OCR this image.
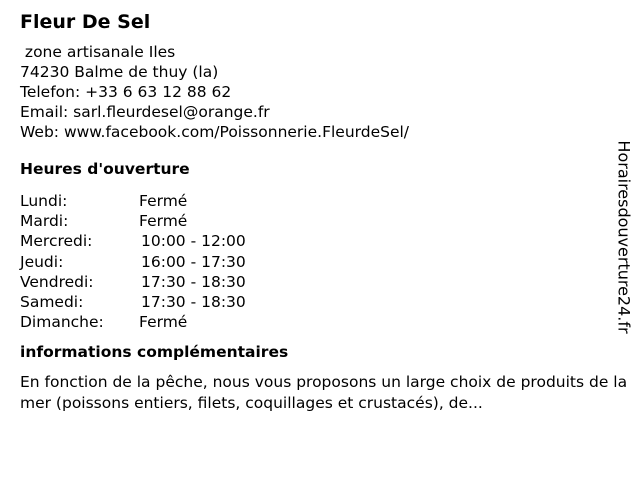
Fleur De Sel
zone artisanale Iles
74230 Balme de thuy (la)
Telefon: +33 6 63 12 88 62
Email: sarl.fleurdesel@orange.fr
Web: www.facebook.com/Poissonnerie.FleurdeSel/
Heures d'ouverture
Lundi:	Fermé
Mardi:	Fermé
Mercredi:	10:00 - 12:00
Jeudi:	16:00 - 17:30
Vendredi:	17:30 - 18:30
Samedi:	17:30 - 18:30
Dimanche:	Fermé
informations complémentaires
En fonction de la pêche, nous vous proposons un large choix de produits de la mer (poissons entiers, filets, coquillages et crustacés), de...
Horairesdouverture24.fr
